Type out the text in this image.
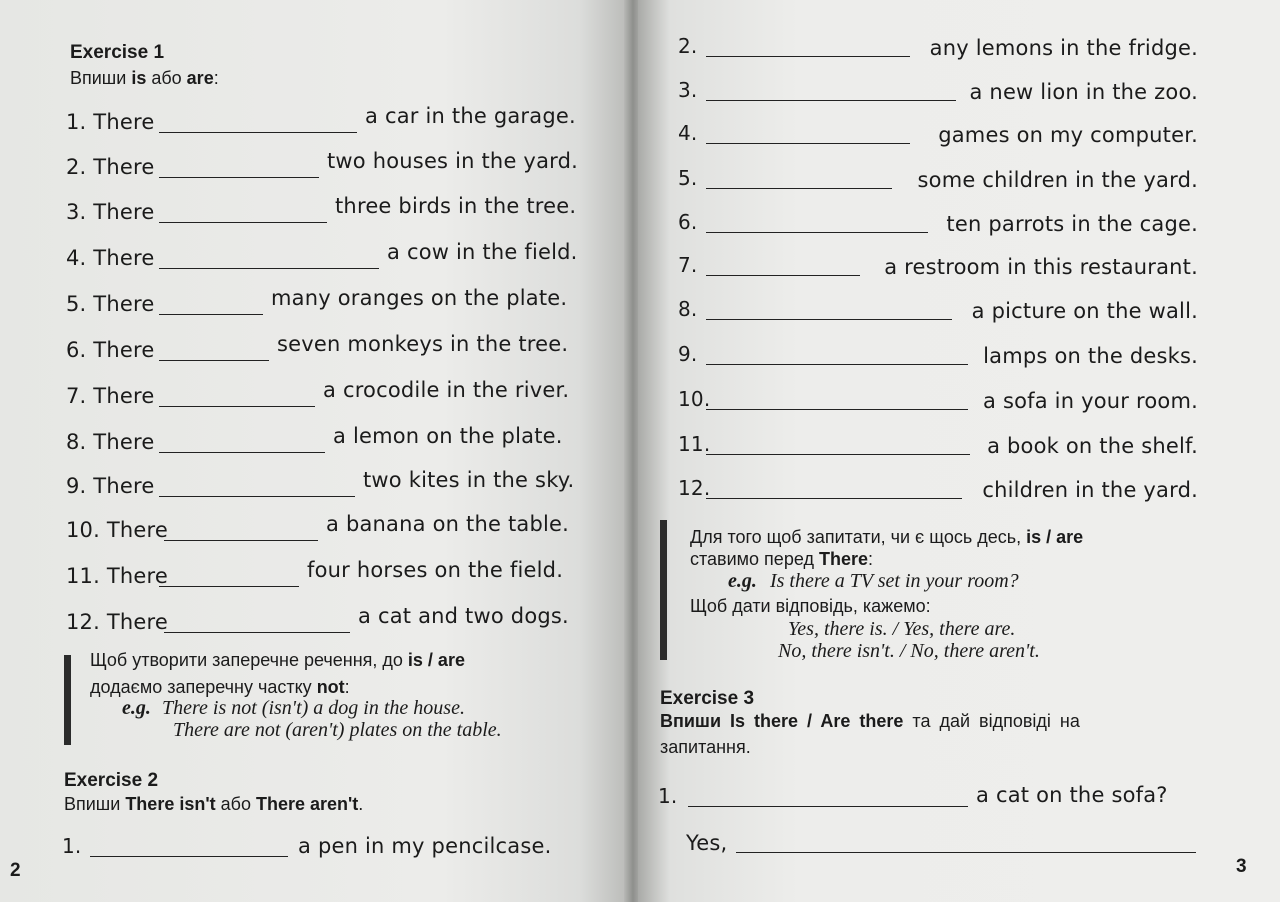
Exercise 1
Впиши is або are:
1. There	a car in the garage.
2. There	two houses in the yard.
3. There	three birds in the tree.
4. There	a cow in the field.
5. There	many oranges on the plate.
6. There	seven monkeys in the tree.
7. There	a crocodile in the river.
8. There	a lemon on the plate.
9. There	two kites in the sky.
10. There	a banana on the table.
11. There	four horses on the field.
12. There	a cat and two dogs.
Щоб утворити заперечне речення, до is / are
додаємо заперечну частку not:
e.g. There is not (isn't) a dog in the house.
There are not (aren't) plates on the table.
Exercise 2
Впиши There isn't або There aren't.
1.	a pen in my pencilcase.
2
2.	any lemons in the fridge.
3.	a new lion in the zoo.
4.	games on my computer.
5.	some children in the yard.
6.	ten parrots in the cage.
7.	a restroom in this restaurant.
8.	a picture on the wall.
9.	lamps on the desks.
10.	a sofa in your room.
11.	a book on the shelf.
12.	children in the yard.
Для того щоб запитати, чи є щось десь, is / are
ставимо перед There:
e.g. Is there a TV set in your room?
Щоб дати відповідь, кажемо:
Yes, there is. / Yes, there are.
No, there isn't. / No, there aren't.
Exercise 3
Впиши Is there / Are there та дай відповіді на
запитання.
1.	a cat on the sofa?
Yes,
3
